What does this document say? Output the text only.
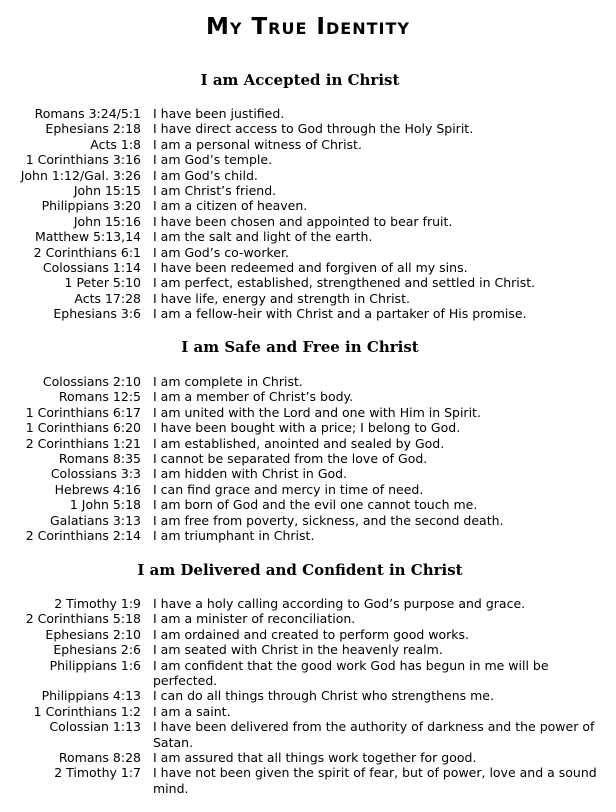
My True Identity
I am Accepted in Christ
Romans 3:24/5:1 I have been justified.
Ephesians 2:18 I have direct access to God through the Holy Spirit.
Acts 1:8 I am a personal witness of Christ.
1 Corinthians 3:16 I am God’s temple.
John 1:12/Gal. 3:26 I am God’s child.
John 15:15 I am Christ’s friend.
Philippians 3:20 I am a citizen of heaven.
John 15:16 I have been chosen and appointed to bear fruit.
Matthew 5:13,14 I am the salt and light of the earth.
2 Corinthians 6:1 I am God’s co-worker.
Colossians 1:14 I have been redeemed and forgiven of all my sins.
1 Peter 5:10 I am perfect, established, strengthened and settled in Christ.
Acts 17:28 I have life, energy and strength in Christ.
Ephesians 3:6 I am a fellow-heir with Christ and a partaker of His promise.
I am Safe and Free in Christ
Colossians 2:10 I am complete in Christ.
Romans 12:5 I am a member of Christ’s body.
1 Corinthians 6:17 I am united with the Lord and one with Him in Spirit.
1 Corinthians 6:20 I have been bought with a price; I belong to God.
2 Corinthians 1:21 I am established, anointed and sealed by God.
Romans 8:35 I cannot be separated from the love of God.
Colossians 3:3 I am hidden with Christ in God.
Hebrews 4:16 I can find grace and mercy in time of need.
1 John 5:18 I am born of God and the evil one cannot touch me.
Galatians 3:13 I am free from poverty, sickness, and the second death.
2 Corinthians 2:14 I am triumphant in Christ.
I am Delivered and Confident in Christ
2 Timothy 1:9 I have a holy calling according to God’s purpose and grace.
2 Corinthians 5:18 I am a minister of reconciliation.
Ephesians 2:10 I am ordained and created to perform good works.
Ephesians 2:6 I am seated with Christ in the heavenly realm.
Philippians 1:6 I am confident that the good work God has begun in me will be perfected.
Philippians 4:13 I can do all things through Christ who strengthens me.
1 Corinthians 1:2 I am a saint.
Colossian 1:13 I have been delivered from the authority of darkness and the power of Satan.
Romans 8:28 I am assured that all things work together for good.
2 Timothy 1:7 I have not been given the spirit of fear, but of power, love and a sound mind.
